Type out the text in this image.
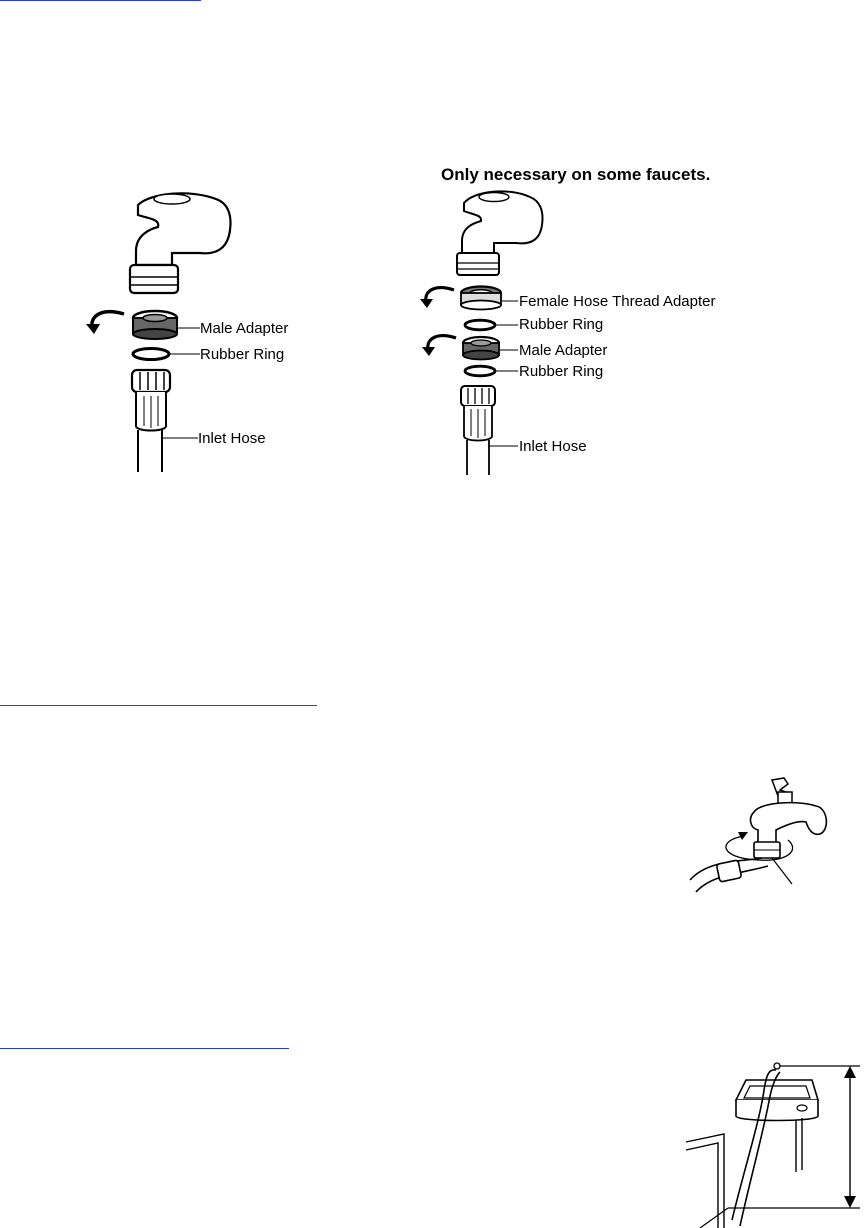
Male Adapter
Rubber Ring
Inlet Hose
Only necessary on some faucets.
Female Hose Thread Adapter
Rubber Ring
Male Adapter
Rubber Ring
Inlet Hose
